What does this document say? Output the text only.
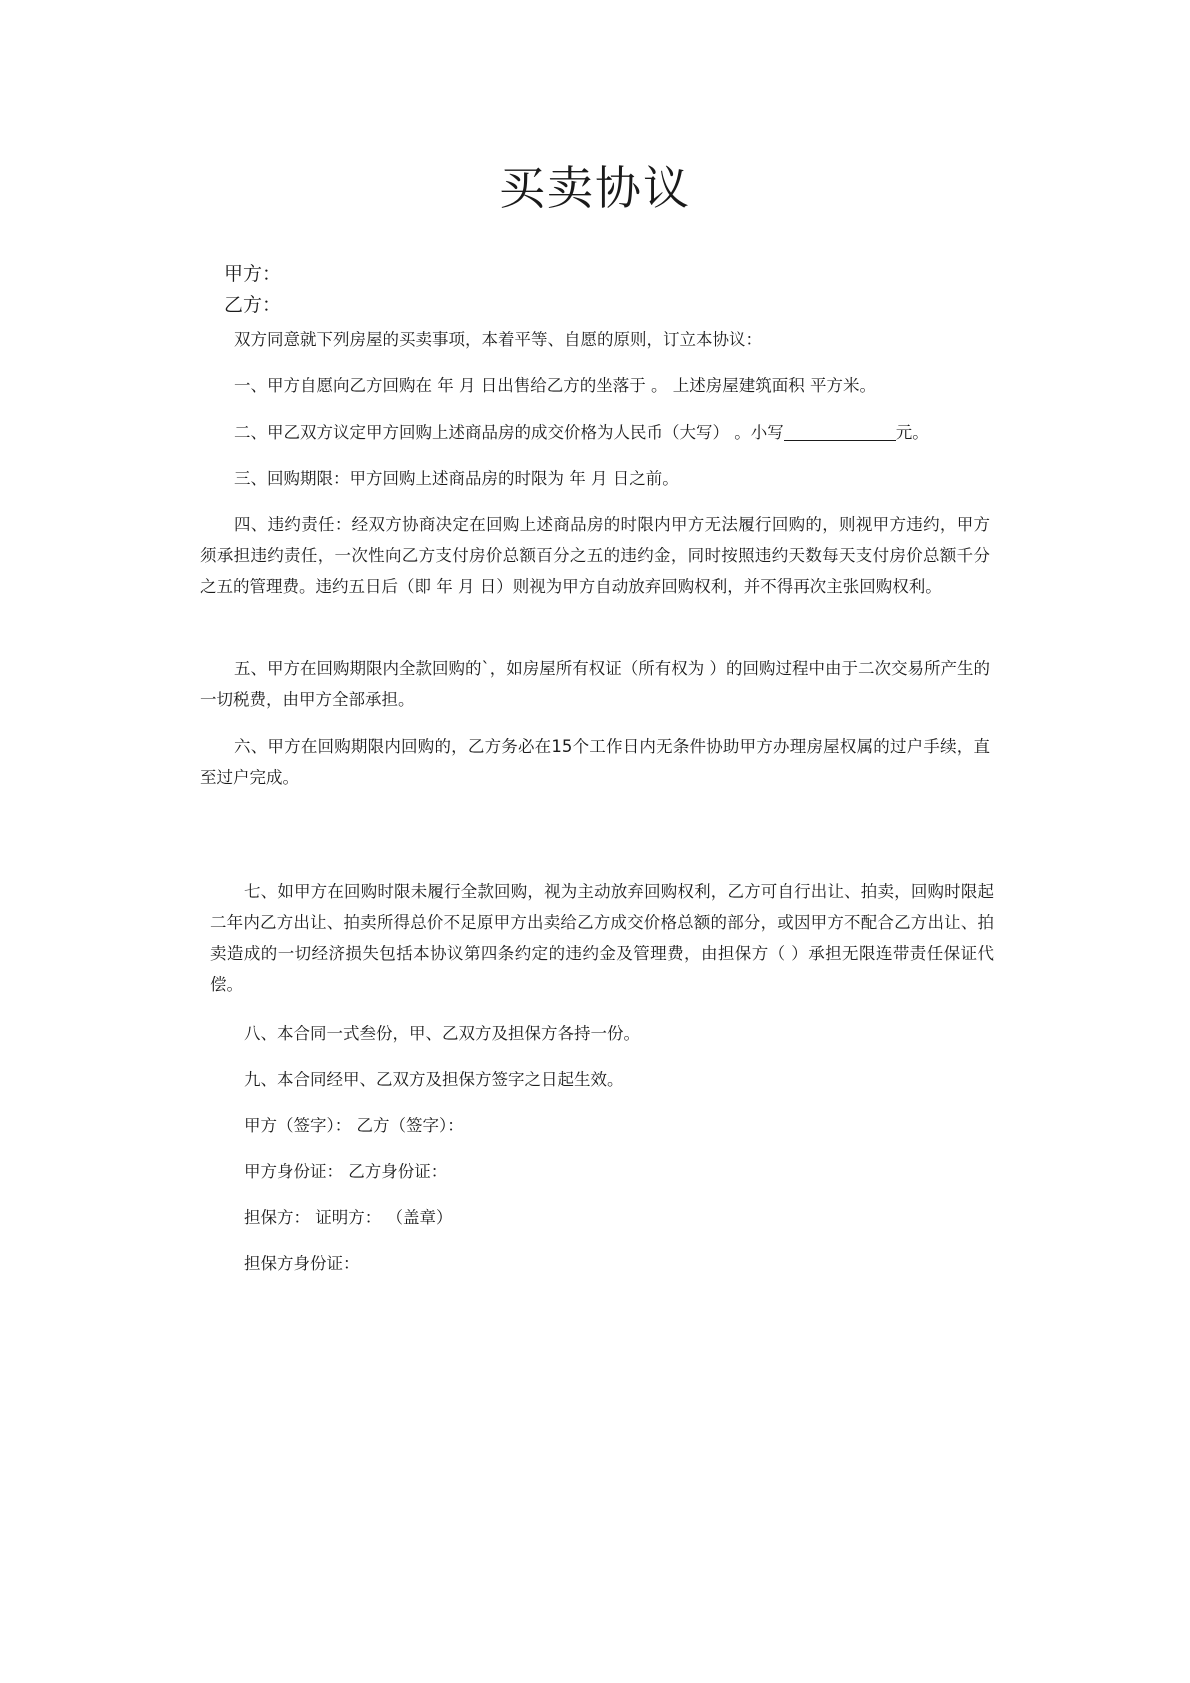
买卖协议
甲方：
乙方：
双方同意就下列房屋的买卖事项，本着平等、自愿的原则，订立本协议：
一、甲方自愿向乙方回购在 年 月 日出售给乙方的坐落于 。 上述房屋建筑面积 平方米。
二、甲乙双方议定甲方回购上述商品房的成交价格为人民币（大写） 。小写	元。
三、回购期限：甲方回购上述商品房的时限为 年 月 日之前。
四、违约责任：经双方协商决定在回购上述商品房的时限内甲方无法履行回购的，则视甲方违约，甲方须承担违约责任，一次性向乙方支付房价总额百分之五的违约金，同时按照违约天数每天支付房价总额千分之五的管理费。违约五日后（即 年 月 日）则视为甲方自动放弃回购权利，并不得再次主张回购权利。
五、甲方在回购期限内全款回购的`，如房屋所有权证（所有权为 ）的回购过程中由于二次交易所产生的一切税费，由甲方全部承担。
六、甲方在回购期限内回购的，乙方务必在15个工作日内无条件协助甲方办理房屋权属的过户手续，直至过户完成。
七、如甲方在回购时限未履行全款回购，视为主动放弃回购权利，乙方可自行出让、拍卖，回购时限起二年内乙方出让、拍卖所得总价不足原甲方出卖给乙方成交价格总额的部分，或因甲方不配合乙方出让、拍卖造成的一切经济损失包括本协议第四条约定的违约金及管理费，由担保方（ ）承担无限连带责任保证代偿。
八、本合同一式叁份，甲、乙双方及担保方各持一份。
九、本合同经甲、乙双方及担保方签字之日起生效。
甲方（签字）： 乙方（签字）：
甲方身份证： 乙方身份证：
担保方： 证明方： （盖章）
担保方身份证：
